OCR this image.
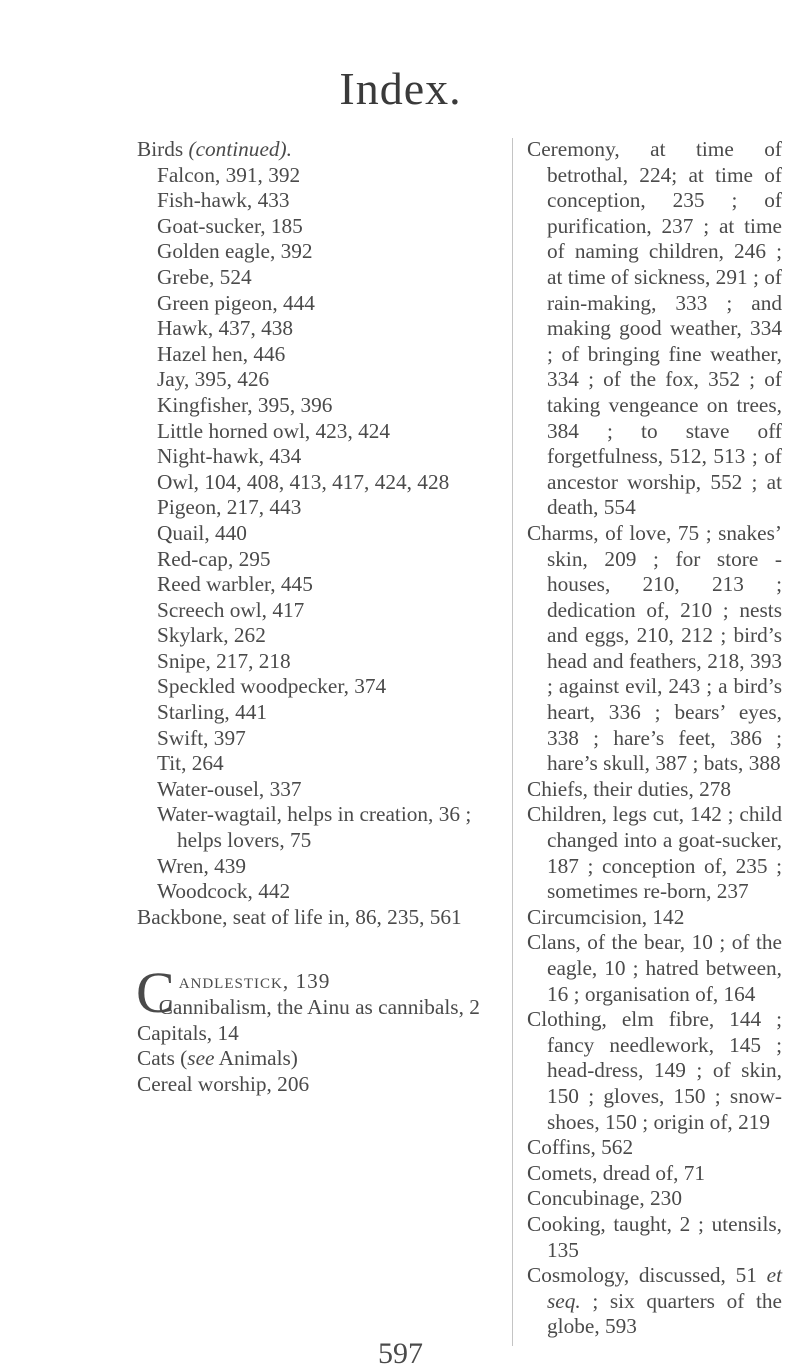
Index.
Birds (continued).
Falcon, 391, 392
Fish-hawk, 433
Goat-sucker, 185
Golden eagle, 392
Grebe, 524
Green pigeon, 444
Hawk, 437, 438
Hazel hen, 446
Jay, 395, 426
Kingfisher, 395, 396
Little horned owl, 423, 424
Night-hawk, 434
Owl, 104, 408, 413, 417, 424, 428
Pigeon, 217, 443
Quail, 440
Red-cap, 295
Reed warbler, 445
Screech owl, 417
Skylark, 262
Snipe, 217, 218
Speckled woodpecker, 374
Starling, 441
Swift, 397
Tit, 264
Water-ousel, 337
Water-wagtail, helps in creation, 36 ; helps lovers, 75
Wren, 439
Woodcock, 442
Backbone, seat of life in, 86, 235, 561
C andlestick, 139
Cannibalism, the Ainu as cannibals, 2
Capitals, 14
Cats (see Animals)
Cereal worship, 206
Ceremony, at time of betrothal, 224; at time of conception, 235 ; of purification, 237 ; at time of naming children, 246 ; at time of sickness, 291 ; of rain-making, 333 ; and making good weather, 334 ; of bringing fine weather, 334 ; of the fox, 352 ; of taking vengeance on trees, 384 ; to stave off forgetfulness, 512, 513 ; of ancestor worship, 552 ; at death, 554
Charms, of love, 75 ; snakes’ skin, 209 ; for store - houses, 210, 213 ; dedication of, 210 ; nests and eggs, 210, 212 ; bird’s head and feathers, 218, 393 ; against evil, 243 ; a bird’s heart, 336 ; bears’ eyes, 338 ; hare’s feet, 386 ; hare’s skull, 387 ; bats, 388
Chiefs, their duties, 278
Children, legs cut, 142 ; child changed into a goat-sucker, 187 ; conception of, 235 ; sometimes re-born, 237
Circumcision, 142
Clans, of the bear, 10 ; of the eagle, 10 ; hatred between, 16 ; organisation of, 164
Clothing, elm fibre, 144 ; fancy needlework, 145 ; head-dress, 149 ; of skin, 150 ; gloves, 150 ; snow-shoes, 150 ; origin of, 219
Coffins, 562
Comets, dread of, 71
Concubinage, 230
Cooking, taught, 2 ; utensils, 135
Cosmology, discussed, 51 et seq. ; six quarters of the globe, 593
597
